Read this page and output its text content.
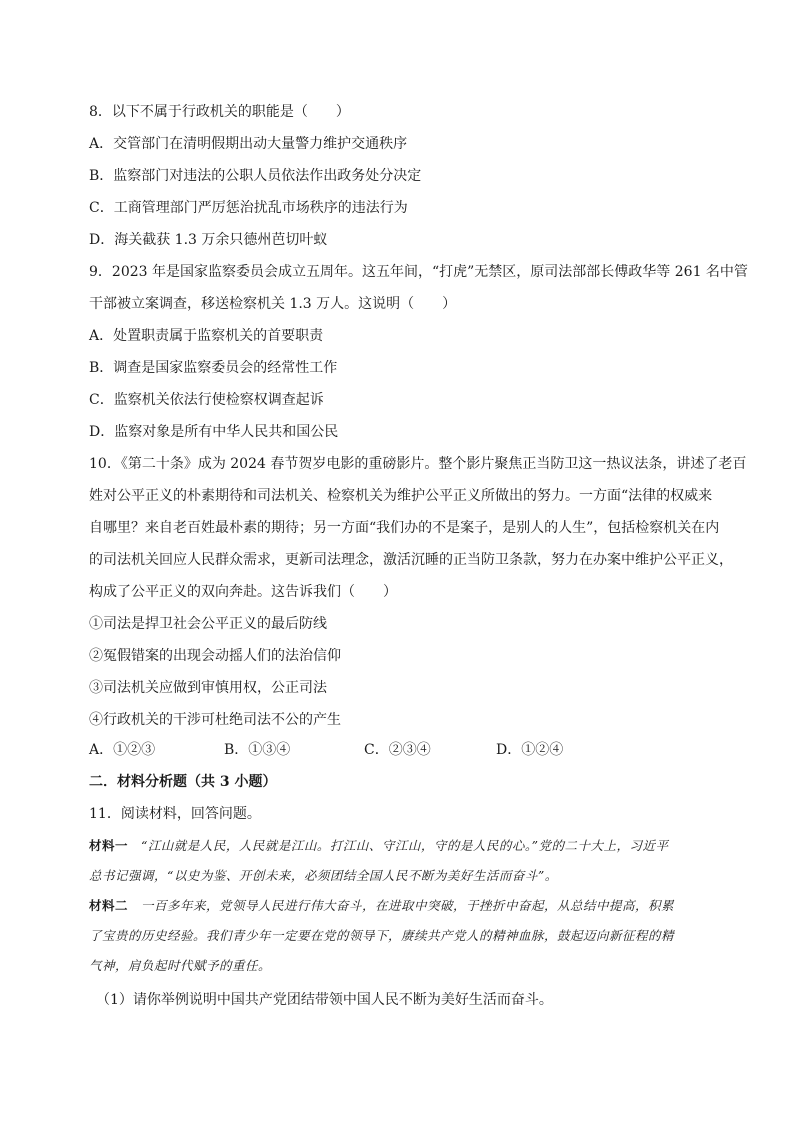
8．以下不属于行政机关的职能是（　　）
A．交管部门在清明假期出动大量警力维护交通秩序
B．监察部门对违法的公职人员依法作出政务处分决定
C．工商管理部门严厉惩治扰乱市场秩序的违法行为
D．海关截获 1.3 万余只德州芭切叶蚁
9．2023 年是国家监察委员会成立五周年。这五年间，“打虎”无禁区，原司法部部长傅政华等 261 名中管
干部被立案调查，移送检察机关 1.3 万人。这说明（　　）
A．处置职责属于监察机关的首要职责
B．调查是国家监察委员会的经常性工作
C．监察机关依法行使检察权调查起诉
D．监察对象是所有中华人民共和国公民
10．《第二十条》成为 2024 春节贺岁电影的重磅影片。整个影片聚焦正当防卫这一热议法条，讲述了老百
姓对公平正义的朴素期待和司法机关、检察机关为维护公平正义所做出的努力。一方面“法律的权威来
自哪里？来自老百姓最朴素的期待；另一方面“我们办的不是案子，是别人的人生”，包括检察机关在内
的司法机关回应人民群众需求，更新司法理念，激活沉睡的正当防卫条款，努力在办案中维护公平正义，
构成了公平正义的双向奔赴。这告诉我们（　　）
①司法是捍卫社会公平正义的最后防线
②冤假错案的出现会动摇人们的法治信仰
③司法机关应做到审慎用权，公正司法
④行政机关的干涉可杜绝司法不公的产生
A．①②③	B．①③④	C．②③④	D．①②④
二．材料分析题（共 3 小题）
11．阅读材料，回答问题。
材料一　“江山就是人民，人民就是江山。打江山、守江山，守的是人民的心。”党的二十大上，习近平
总书记强调，“以史为鉴、开创未来，必须团结全国人民不断为美好生活而奋斗”。
材料二　一百多年来，党领导人民进行伟大奋斗，在进取中突破，于挫折中奋起，从总结中提高，积累
了宝贵的历史经验。我们青少年一定要在党的领导下，赓续共产党人的精神血脉，鼓起迈向新征程的精
气神，肩负起时代赋予的重任。
（1）请你举例说明中国共产党团结带领中国人民不断为美好生活而奋斗。
